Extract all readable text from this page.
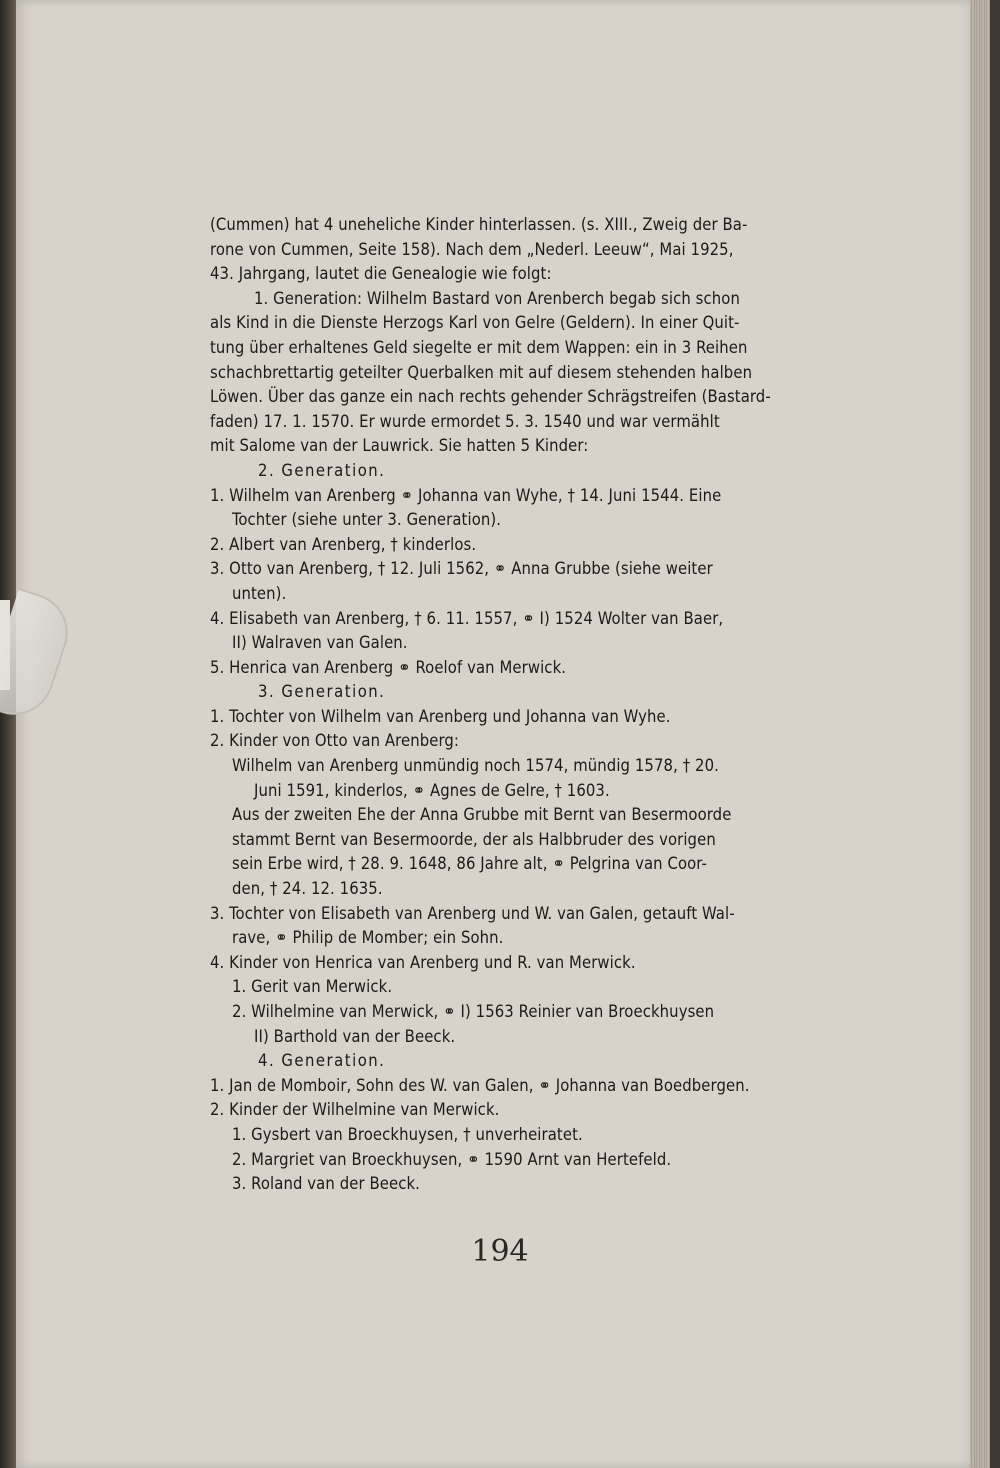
(Cummen) hat 4 uneheliche Kinder hinterlassen. (s. XIII., Zweig der Ba-
rone von Cummen, Seite 158). Nach dem „Nederl. Leeuw“, Mai 1925,
43. Jahrgang, lautet die Genealogie wie folgt:
1. Generation: Wilhelm Bastard von Arenberch begab sich schon
als Kind in die Dienste Herzogs Karl von Gelre (Geldern). In einer Quit-
tung über erhaltenes Geld siegelte er mit dem Wappen: ein in 3 Reihen
schachbrettartig geteilter Querbalken mit auf diesem stehenden halben
Löwen. Über das ganze ein nach rechts gehender Schrägstreifen (Bastard-
faden) 17. 1. 1570. Er wurde ermordet 5. 3. 1540 und war vermählt
mit Salome van der Lauwrick. Sie hatten 5 Kinder:
2. Generation.
1. Wilhelm van Arenberg ⚭ Johanna van Wyhe, † 14. Juni 1544. Eine
Tochter (siehe unter 3. Generation).
2. Albert van Arenberg, † kinderlos.
3. Otto van Arenberg, † 12. Juli 1562, ⚭ Anna Grubbe (siehe weiter
unten).
4. Elisabeth van Arenberg, † 6. 11. 1557, ⚭ I) 1524 Wolter van Baer,
II) Walraven van Galen.
5. Henrica van Arenberg ⚭ Roelof van Merwick.
3. Generation.
1. Tochter von Wilhelm van Arenberg und Johanna van Wyhe.
2. Kinder von Otto van Arenberg:
Wilhelm van Arenberg unmündig noch 1574, mündig 1578, † 20.
Juni 1591, kinderlos, ⚭ Agnes de Gelre, † 1603.
Aus der zweiten Ehe der Anna Grubbe mit Bernt van Besermoorde
stammt Bernt van Besermoorde, der als Halbbruder des vorigen
sein Erbe wird, † 28. 9. 1648, 86 Jahre alt, ⚭ Pelgrina van Coor-
den, † 24. 12. 1635.
3. Tochter von Elisabeth van Arenberg und W. van Galen, getauft Wal-
rave, ⚭ Philip de Momber; ein Sohn.
4. Kinder von Henrica van Arenberg und R. van Merwick.
1. Gerit van Merwick.
2. Wilhelmine van Merwick, ⚭ I) 1563 Reinier van Broeckhuysen
II) Barthold van der Beeck.
4. Generation.
1. Jan de Momboir, Sohn des W. van Galen, ⚭ Johanna van Boedbergen.
2. Kinder der Wilhelmine van Merwick.
1. Gysbert van Broeckhuysen, † unverheiratet.
2. Margriet van Broeckhuysen, ⚭ 1590 Arnt van Hertefeld.
3. Roland van der Beeck.
194
